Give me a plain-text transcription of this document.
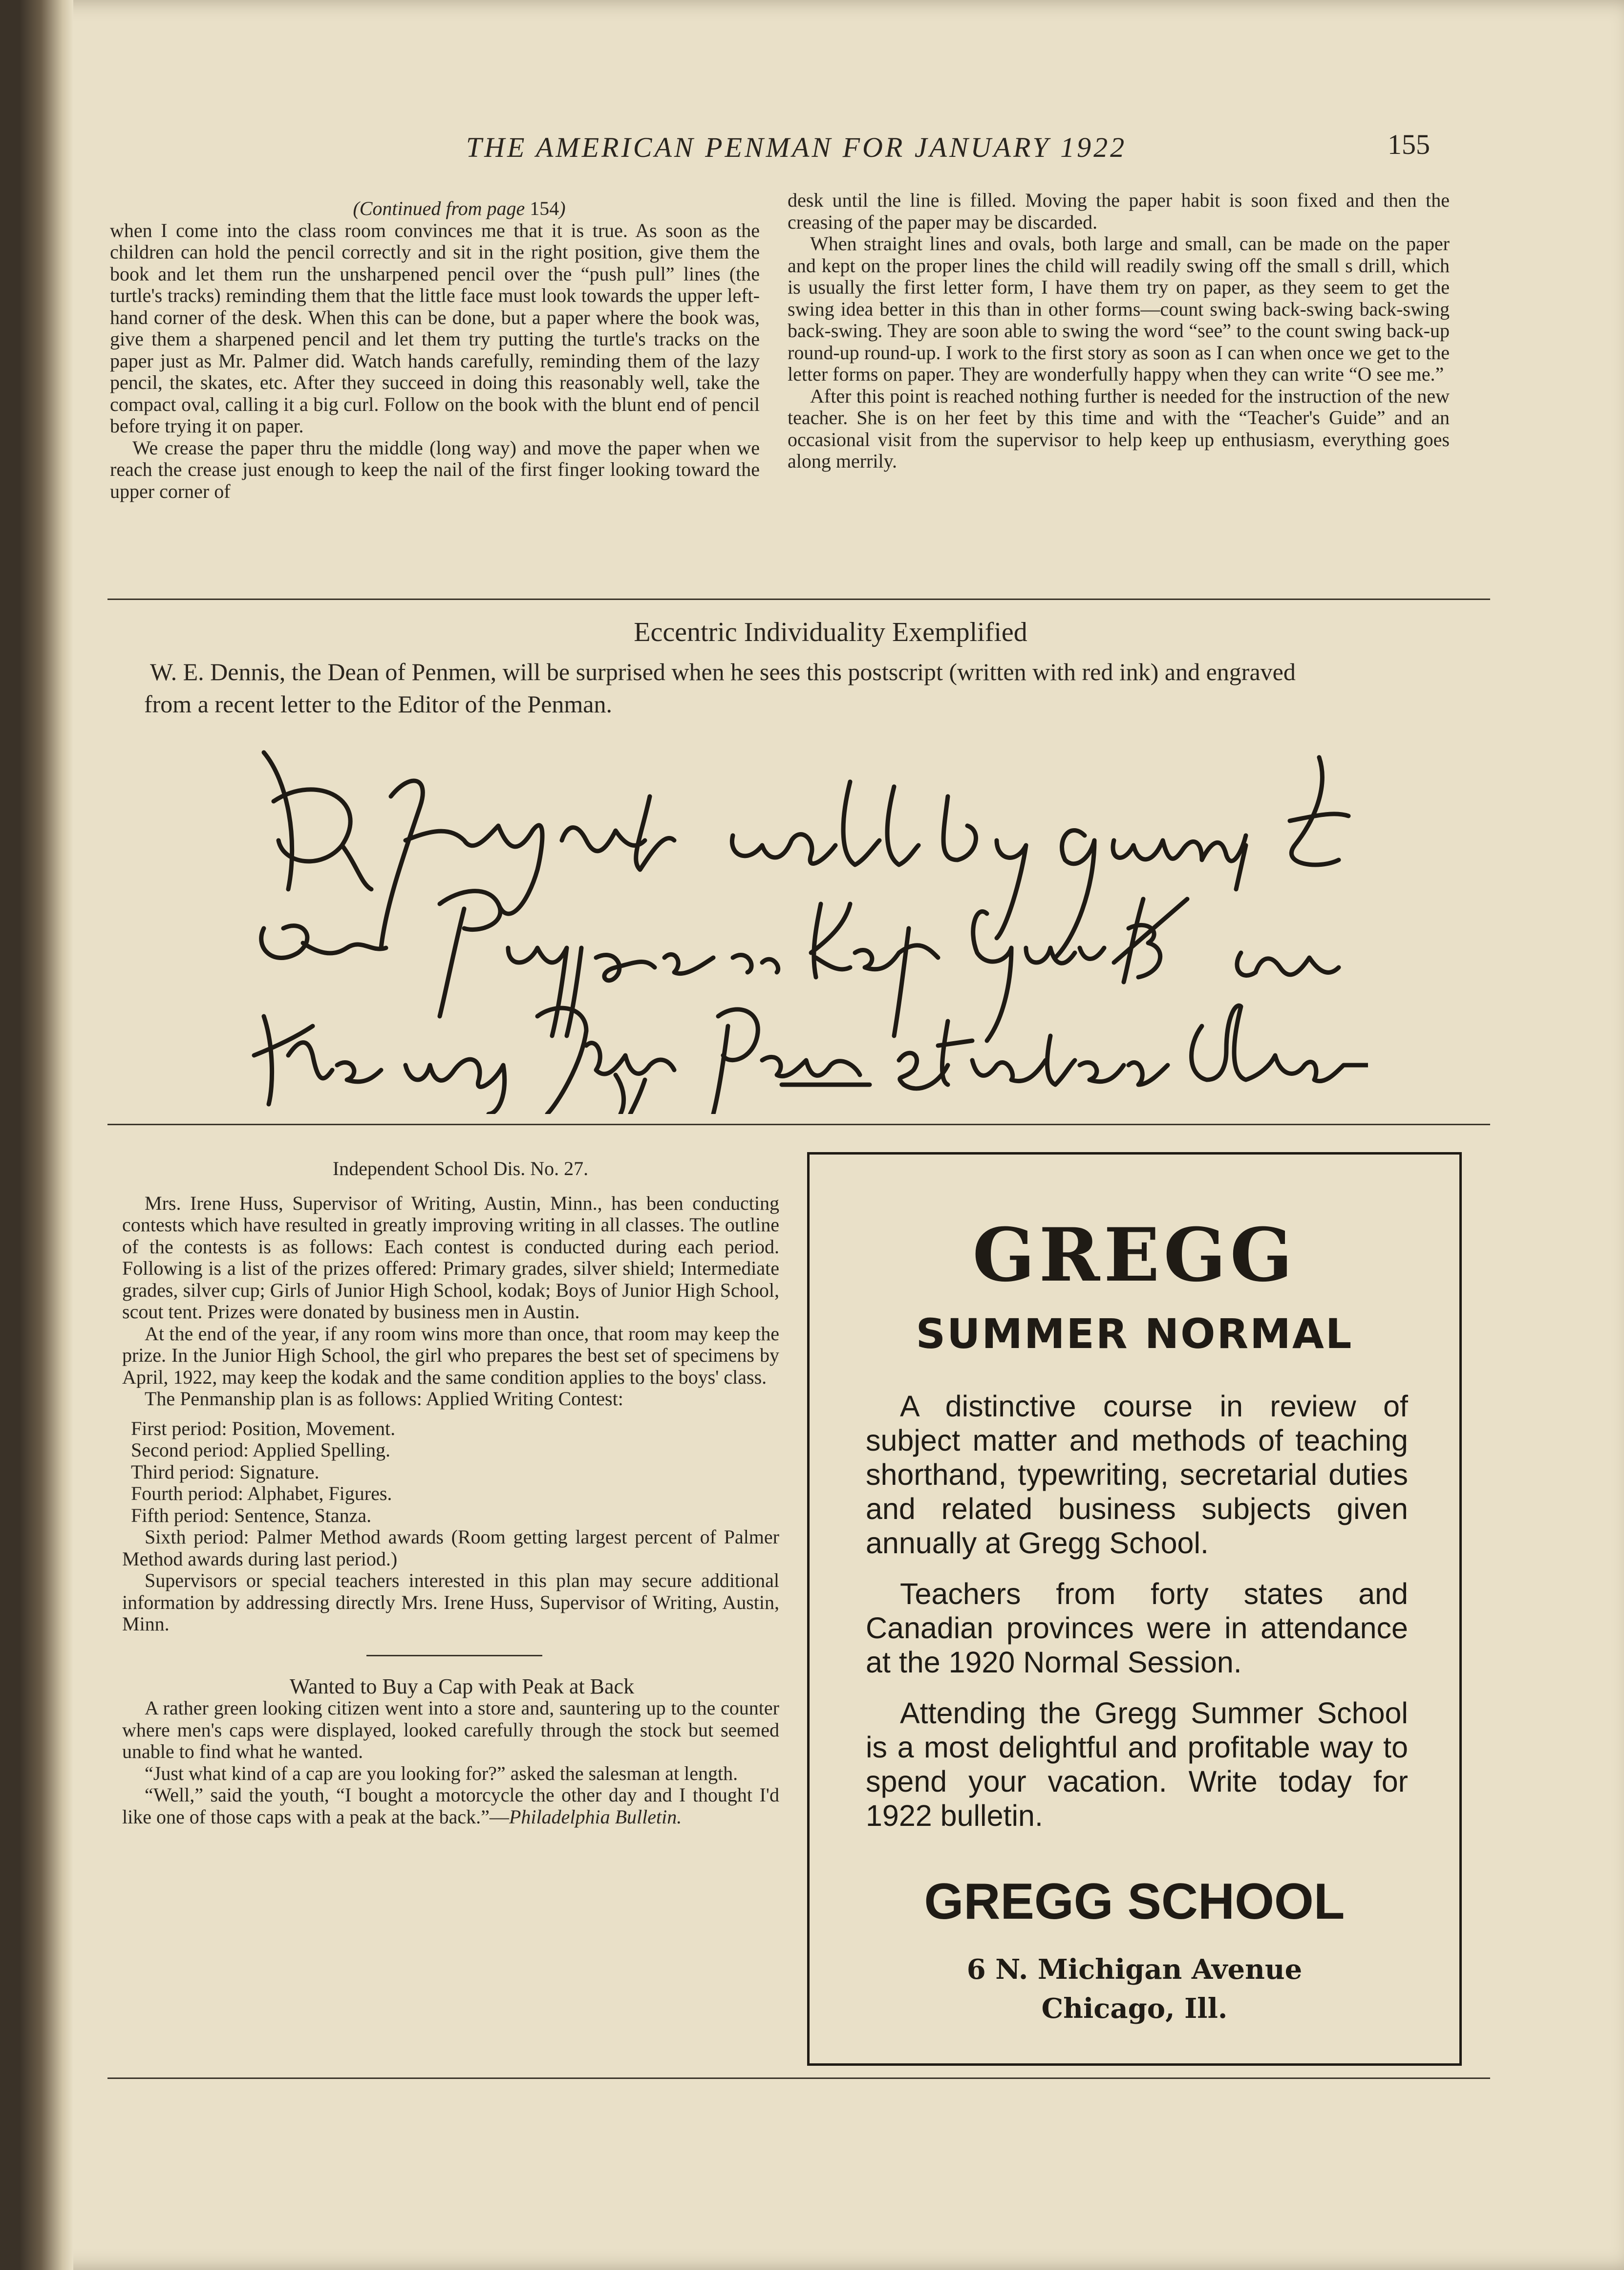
THE AMERICAN PENMAN FOR JANUARY 1922	155
(Continued from page 154)

when I come into the class room convinces me that it is true. As soon as the children can hold the pencil correctly and sit in the right position, give them the book and let them run the unsharpened pencil over the “push pull” lines (the turtle's tracks) reminding them that the little face must look towards the upper left-hand corner of the desk. When this can be done, but a paper where the book was, give them a sharpened pencil and let them try putting the turtle's tracks on the paper just as Mr. Palmer did. Watch hands carefully, reminding them of the lazy pencil, the skates, etc. After they succeed in doing this reasonably well, take the compact oval, calling it a big curl. Follow on the book with the blunt end of pencil before trying it on paper.

We crease the paper thru the middle (long way) and move the paper when we reach the crease just enough to keep the nail of the first finger looking toward the upper corner of

desk until the line is filled. Moving the paper habit is soon fixed and then the creasing of the paper may be discarded.

When straight lines and ovals, both large and small, can be made on the paper and kept on the proper lines the child will readily swing off the small s drill, which is usually the first letter form, I have them try on paper, as they seem to get the swing idea better in this than in other forms—count swing back-swing back-swing back-swing. They are soon able to swing the word “see” to the count swing back-up round-up round-up. I work to the first story as soon as I can when once we get to the letter forms on paper. They are wonderfully happy when they can write “O see me.”

After this point is reached nothing further is needed for the instruction of the new teacher. She is on her feet by this time and with the “Teacher's Guide” and an occasional visit from the supervisor to help keep up enthusiasm, everything goes along merrily.

Eccentric Individuality Exemplified
W. E. Dennis, the Dean of Penmen, will be surprised when he sees this postscript (written with red ink) and engraved
from a recent letter to the Editor of the Penman.

Independent School Dis. No. 27.

Mrs. Irene Huss, Supervisor of Writing, Austin, Minn., has been conducting contests which have resulted in greatly improving writing in all classes. The outline of the contests is as follows: Each contest is conducted during each period. Following is a list of the prizes offered: Primary grades, silver shield; Intermediate grades, silver cup; Girls of Junior High School, kodak; Boys of Junior High School, scout tent. Prizes were donated by business men in Austin.

At the end of the year, if any room wins more than once, that room may keep the prize. In the Junior High School, the girl who prepares the best set of specimens by April, 1922, may keep the kodak and the same condition applies to the boys' class.

The Penmanship plan is as follows: Applied Writing Contest:

First period: Position, Movement.

Second period: Applied Spelling.

Third period: Signature.

Fourth period: Alphabet, Figures.

Fifth period: Sentence, Stanza.

Sixth period: Palmer Method awards (Room getting largest percent of Palmer Method awards during last period.)

Supervisors or special teachers interested in this plan may secure additional information by addressing directly Mrs. Irene Huss, Supervisor of Writing, Austin, Minn.

Wanted to Buy a Cap with Peak at Back

A rather green looking citizen went into a store and, sauntering up to the counter where men's caps were displayed, looked carefully through the stock but seemed unable to find what he wanted.

“Just what kind of a cap are you looking for?” asked the salesman at length.

“Well,” said the youth, “I bought a motorcycle the other day and I thought I'd like one of those caps with a peak at the back.”—Philadelphia Bulletin.

GREGG
SUMMER NORMAL

A distinctive course in review of subject matter and methods of teaching shorthand, typewriting, secretarial duties and related business subjects given annually at Gregg School.

Teachers from forty states and Canadian provinces were in attendance at the 1920 Normal Session.

Attending the Gregg Summer School is a most delightful and profitable way to spend your vacation. Write today for 1922 bulletin.

GREGG SCHOOL
6 N. Michigan Avenue
Chicago, Ill.
